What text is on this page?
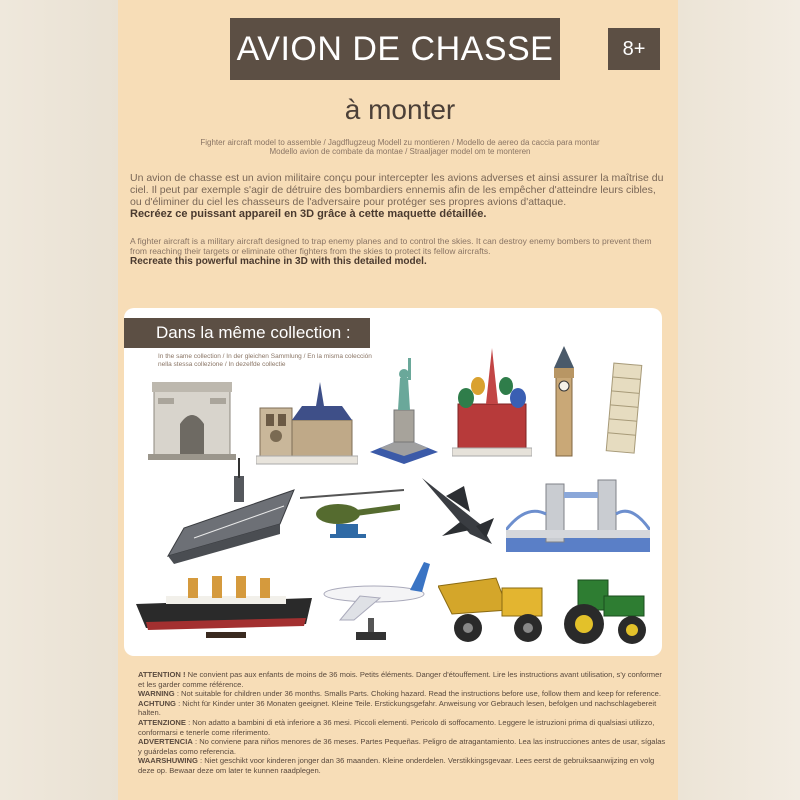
AVION DE CHASSE	8+
à monter
Fighter aircraft model to assemble / Jagdflugzeug Modell zu montieren / Modello de aereo da caccia para montar
Modello avion de combate da montae / Straaljager model om te monteren
Un avion de chasse est un avion militaire conçu pour intercepter les avions adverses et ainsi assurer la maîtrise du ciel. Il peut par exemple s'agir de détruire des bombardiers ennemis afin de les empêcher d'atteindre leurs cibles, ou d'éliminer du ciel les chasseurs de l'adversaire pour protéger ses propres avions d'attaque.
Recréez ce puissant appareil en 3D grâce à cette maquette détaillée.
A fighter aircraft is a military aircraft designed to trap enemy planes and to control the skies. It can destroy enemy bombers to prevent them from reaching their targets or eliminate other fighters from the skies to protect its fellow aircrafts.
Recreate this powerful machine in 3D with this detailed model.
Dans la même collection :
In the same collection / In der gleichen Sammlung / En la misma colección
nella stessa collezione / In dezelfde collectie
ATTENTION ! Ne convient pas aux enfants de moins de 36 mois. Petits éléments. Danger d'étouffement. Lire les instructions avant utilisation, s'y conformer et les garder comme référence.
WARNING : Not suitable for children under 36 months. Smalls Parts. Choking hazard. Read the instructions before use, follow them and keep for reference.
ACHTUNG : Nicht für Kinder unter 36 Monaten geeignet. Kleine Teile. Erstickungsgefahr. Anweisung vor Gebrauch lesen, befolgen und nachschlagebereit halten.
ATTENZIONE : Non adatto a bambini di età inferiore a 36 mesi. Piccoli elementi. Pericolo di soffocamento. Leggere le istruzioni prima di qualsiasi utilizzo, conformarsi e tenerle come riferimento.
ADVERTENCIA : No conviene para niños menores de 36 meses. Partes Pequeñas. Peligro de atragantamiento. Lea las instrucciones antes de usar, sígalas y guárdelas como referencia.
WAARSHUWING : Niet geschikt voor kinderen jonger dan 36 maanden. Kleine onderdelen. Verstikkingsgevaar. Lees eerst de gebruiksaanwijzing en volg deze op. Bewaar deze om later te kunnen raadplegen.
